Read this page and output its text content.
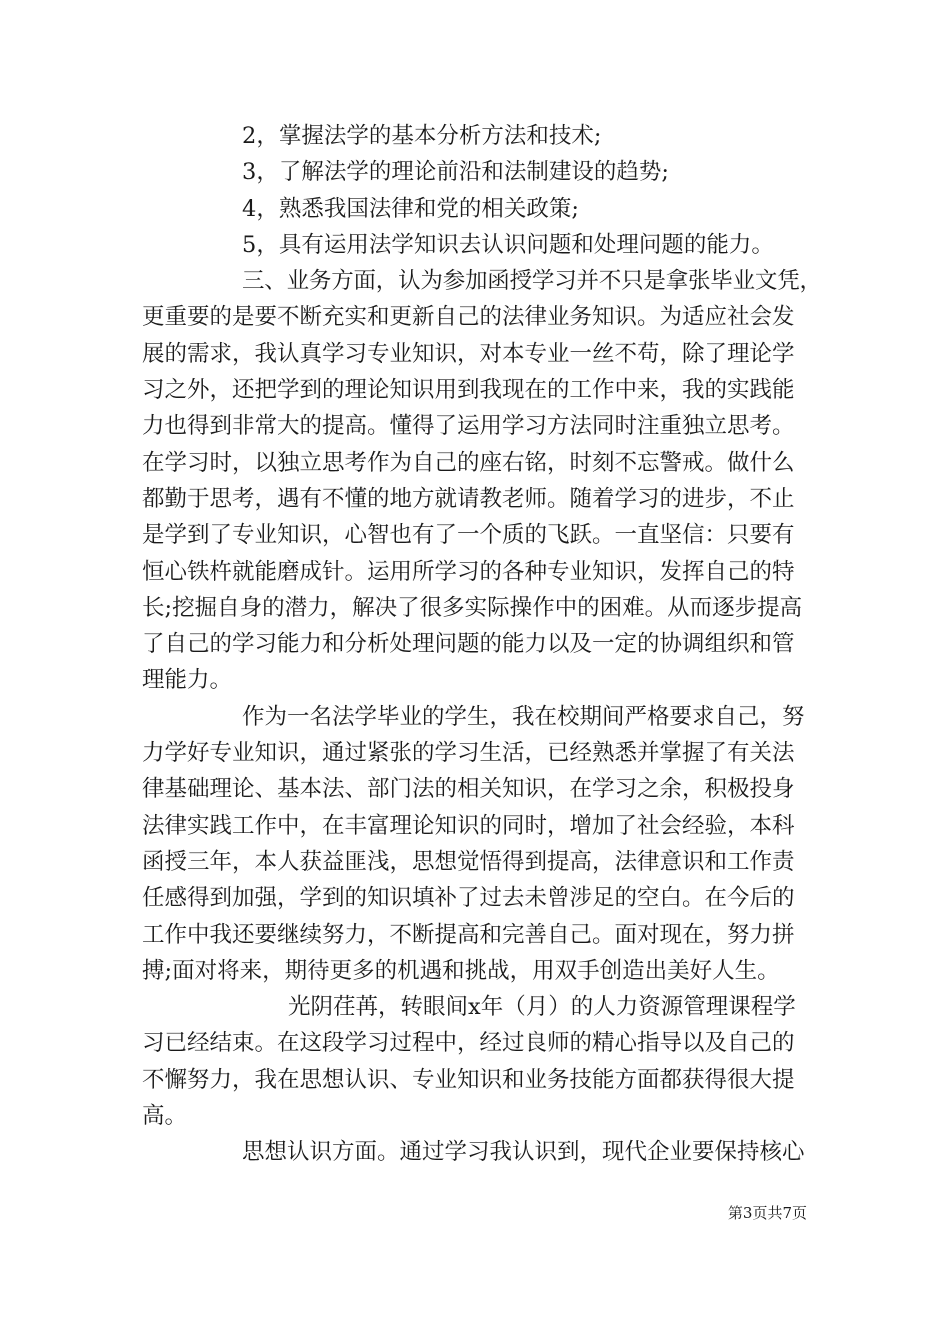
2，掌握法学的基本分析方法和技术;
3，了解法学的理论前沿和法制建设的趋势;
4，熟悉我国法律和党的相关政策;
5，具有运用法学知识去认识问题和处理问题的能力。
三、业务方面，认为参加函授学习并不只是拿张毕业文凭，
更重要的是要不断充实和更新自己的法律业务知识。为适应社会发
展的需求，我认真学习专业知识，对本专业一丝不苟，除了理论学
习之外，还把学到的理论知识用到我现在的工作中来，我的实践能
力也得到非常大的提高。懂得了运用学习方法同时注重独立思考。
在学习时，以独立思考作为自己的座右铭，时刻不忘警戒。做什么
都勤于思考，遇有不懂的地方就请教老师。随着学习的进步，不止
是学到了专业知识，心智也有了一个质的飞跃。一直坚信：只要有
恒心铁杵就能磨成针。运用所学习的各种专业知识，发挥自己的特
长;挖掘自身的潜力，解决了很多实际操作中的困难。从而逐步提高
了自己的学习能力和分析处理问题的能力以及一定的协调组织和管
理能力。
作为一名法学毕业的学生，我在校期间严格要求自己，努
力学好专业知识，通过紧张的学习生活，已经熟悉并掌握了有关法
律基础理论、基本法、部门法的相关知识，在学习之余，积极投身
法律实践工作中，在丰富理论知识的同时，增加了社会经验，本科
函授三年，本人获益匪浅，思想觉悟得到提高，法律意识和工作责
任感得到加强，学到的知识填补了过去未曾涉足的空白。在今后的
工作中我还要继续努力，不断提高和完善自己。面对现在，努力拼
搏;面对将来，期待更多的机遇和挑战，用双手创造出美好人生。
光阴荏苒，转眼间x年（月）的人力资源管理课程学
习已经结束。在这段学习过程中，经过良师的精心指导以及自己的
不懈努力，我在思想认识、专业知识和业务技能方面都获得很大提
高。
思想认识方面。通过学习我认识到，现代企业要保持核心
第3页共7页
